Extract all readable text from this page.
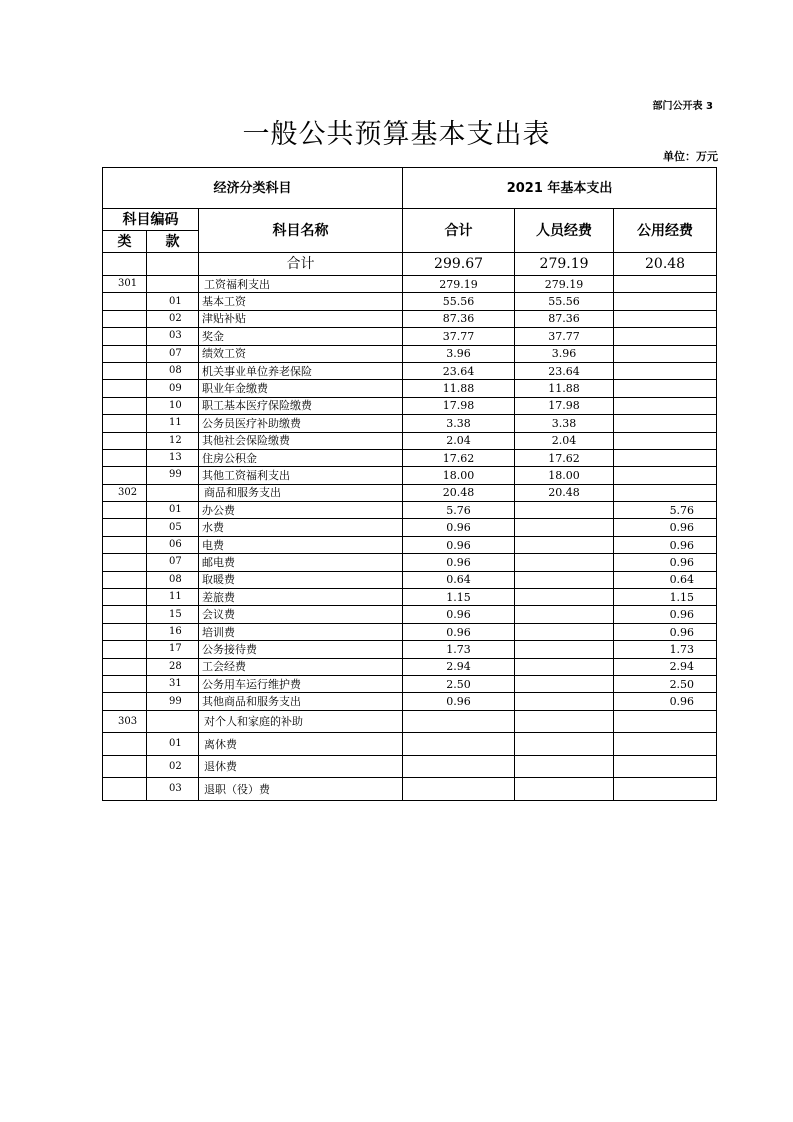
部门公开表 3
一般公共预算基本支出表
单位：万元
经济分类科目			2021 年基本支出		
科目编码		科目名称	合计	人员经费	公用经费
类	款				
		合计	299.67	279.19	20.48
301		工资福利支出	279.19	279.19	
	01	基本工资	55.56	55.56	
	02	津贴补贴	87.36	87.36	
	03	奖金	37.77	37.77	
	07	绩效工资	3.96	3.96	
	08	机关事业单位养老保险	23.64	23.64	
	09	职业年金缴费	11.88	11.88	
	10	职工基本医疗保险缴费	17.98	17.98	
	11	公务员医疗补助缴费	3.38	3.38	
	12	其他社会保险缴费	2.04	2.04	
	13	住房公积金	17.62	17.62	
	99	其他工资福利支出	18.00	18.00	
302		商品和服务支出	20.48	20.48	
	01	办公费	5.76		5.76
	05	水费	0.96		0.96
	06	电费	0.96		0.96
	07	邮电费	0.96		0.96
	08	取暖费	0.64		0.64
	11	差旅费	1.15		1.15
	15	会议费	0.96		0.96
	16	培训费	0.96		0.96
	17	公务接待费	1.73		1.73
	28	工会经费	2.94		2.94
	31	公务用车运行维护费	2.50		2.50
	99	其他商品和服务支出	0.96		0.96
303		对个人和家庭的补助			
	01	离休费			
	02	退休费			
	03	退职（役）费			
